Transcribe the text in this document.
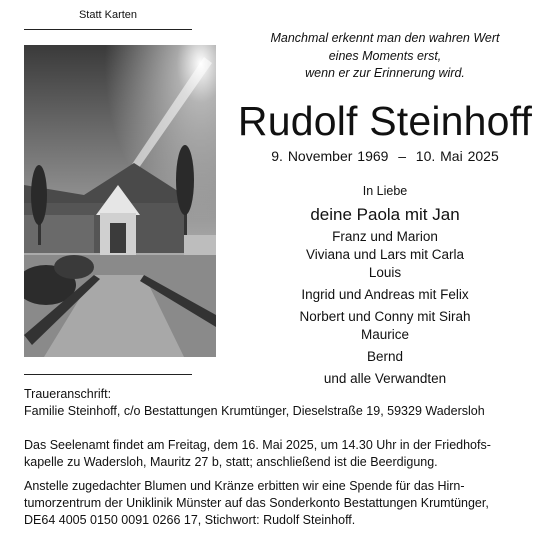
Statt Karten
Manchmal erkennt man den wahren Wert
eines Moments erst,
wenn er zur Erinnerung wird.
Rudolf Steinhoff
9. November 1969 – 10. Mai 2025
In Liebe
deine Paola mit Jan
Franz und Marion
Viviana und Lars mit Carla
Louis
Ingrid und Andreas mit Felix
Norbert und Conny mit Sirah
Maurice
Bernd
und alle Verwandten
Traueranschrift:
Familie Steinhoff, c/o Bestattungen Krumtünger, Dieselstraße 19, 59329 Wadersloh
Das Seelenamt findet am Freitag, dem 16. Mai 2025, um 14.30 Uhr in der Friedhofs-
kapelle zu Wadersloh, Mauritz 27 b, statt; anschließend ist die Beerdigung.
Anstelle zugedachter Blumen und Kränze erbitten wir eine Spende für das Hirn-
tumorzentrum der Uniklinik Münster auf das Sonderkonto Bestattungen Krumtünger,
DE64 4005 0150 0091 0266 17, Stichwort: Rudolf Steinhoff.
